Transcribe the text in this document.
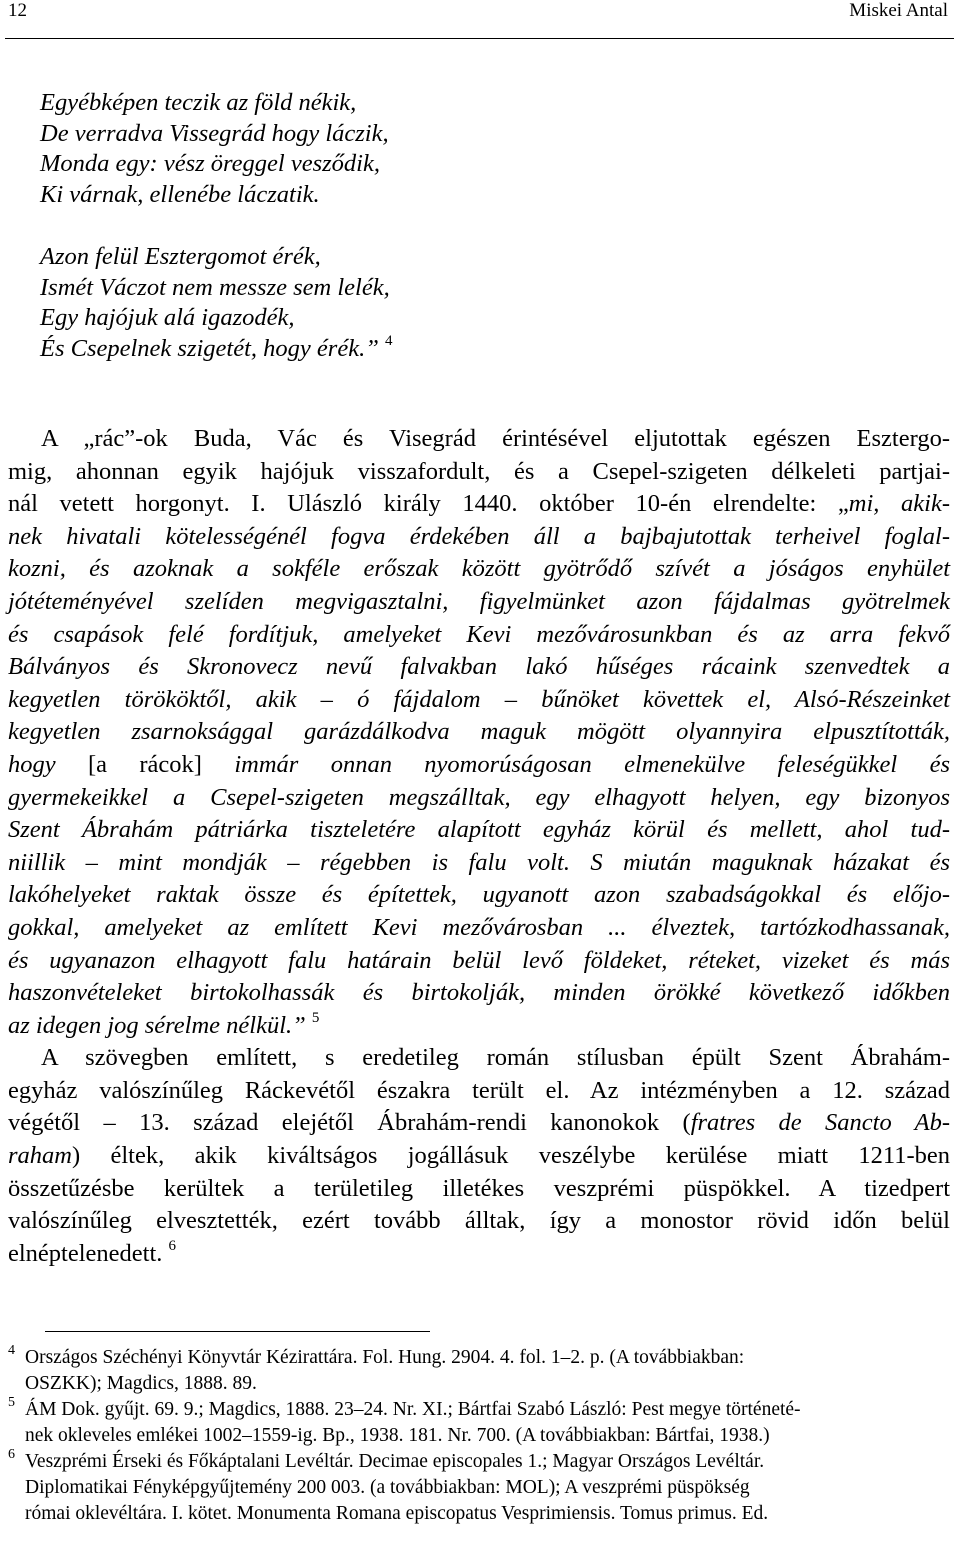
12	Miskei Antal
Egyébképen teczik az föld nékik,
De verradva Vissegrád hogy láczik,
Monda egy: vész öreggel vesződik,
Ki várnak, ellenébe láczatik.
Azon felül Esztergomot érék,
Ismét Váczot nem messze sem lelék,
Egy hajójuk alá igazodék,
És Csepelnek szigetét, hogy érék.” $^4$
A „rác”-ok Buda, Vác és Visegrád érintésével eljutottak egészen Esztergo-
mig, ahonnan egyik hajójuk visszafordult, és a Csepel-szigeten délkeleti partjai-
nál vetett horgonyt. I. Ulászló király 1440. október 10-én elrendelte: „mi, akik-
nek hivatali kötelességénél fogva érdekében áll a bajbajutottak terheivel foglal-
kozni, és azoknak a sokféle erőszak között gyötrődő szívét a jóságos enyhület
jótéteményével szelíden megvigasztalni, figyelmünket azon fájdalmas gyötrelmek
és csapások felé fordítjuk, amelyeket Kevi mezővárosunkban és az arra fekvő
Bálványos és Skronovecz nevű falvakban lakó hűséges rácaink szenvedtek a
kegyetlen törököktől, akik – ó fájdalom – bűnöket követtek el, Alsó-Részeinket
kegyetlen zsarnoksággal garázdálkodva maguk mögött olyannyira elpusztították,
hogy [a rácok] immár onnan nyomorúságosan elmenekülve feleségükkel és
gyermekeikkel a Csepel-szigeten megszálltak, egy elhagyott helyen, egy bizonyos
Szent Ábrahám pátriárka tiszteletére alapított egyház körül és mellett, ahol tud-
niillik – mint mondják – régebben is falu volt. S miután maguknak házakat és
lakóhelyeket raktak össze és építettek, ugyanott azon szabadságokkal és előjo-
gokkal, amelyeket az említett Kevi mezővárosban ... élveztek, tartózkodhassanak,
és ugyanazon elhagyott falu határain belül levő földeket, réteket, vizeket és más
haszonvételeket birtokolhassák és birtokolják, minden örökké következő időkben
az idegen jog sérelme nélkül.” $^5$
A szövegben említett, s eredetileg román stílusban épült Szent Ábrahám-
egyház valószínűleg Ráckevétől északra terült el. Az intézményben a 12. század
végétől – 13. század elejétől Ábrahám-rendi kanonokok (fratres de Sancto Ab-
raham) éltek, akik kiváltságos jogállásuk veszélybe kerülése miatt 1211-ben
összetűzésbe kerültek a területileg illetékes veszprémi püspökkel. A tizedpert
valószínűleg elvesztették, ezért tovább álltak, így a monostor rövid időn belül
elnéptelenedett. $^6$
4 Országos Széchényi Könyvtár Kézirattára. Fol. Hung. 2904. 4. fol. 1–2. p. (A továbbiakban:
OSZKK); Magdics, 1888. 89.
5 ÁM Dok. gyűjt. 69. 9.; Magdics, 1888. 23–24. Nr. XI.; Bártfai Szabó László: Pest megye történeté-
nek okleveles emlékei 1002–1559-ig. Bp., 1938. 181. Nr. 700. (A továbbiakban: Bártfai, 1938.)
6 Veszprémi Érseki és Főkáptalani Levéltár. Decimae episcopales 1.; Magyar Országos Levéltár.
Diplomatikai Fényképgyűjtemény 200 003. (a továbbiakban: MOL); A veszprémi püspökség
római oklevéltára. I. kötet. Monumenta Romana episcopatus Vesprimiensis. Tomus primus. Ed.
